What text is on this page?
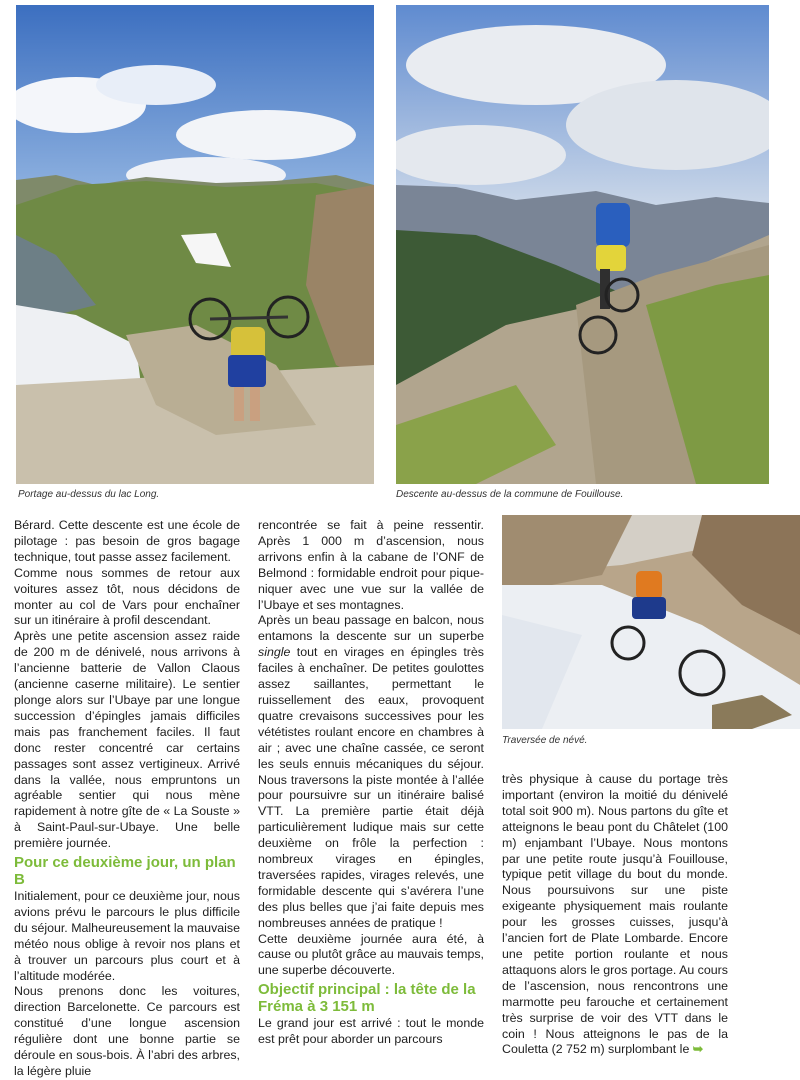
Portage au-dessus du lac Long.	Descente au-dessus de la commune de Fouillouse.
Traversée de névé.

Bérard. Cette descente est une école de pilotage : pas besoin de gros bagage technique, tout passe assez facilement.

Comme nous sommes de retour aux voitures assez tôt, nous décidons de monter au col de Vars pour enchaîner sur un itinéraire à profil descendant.

Après une petite ascension assez raide de 200 m de dénivelé, nous arrivons à l’ancienne batterie de Vallon Claous (ancienne caserne militaire). Le sentier plonge alors sur l’Ubaye par une longue succession d’épingles jamais difficiles mais pas franchement faciles. Il faut donc rester concentré car certains passages sont assez vertigineux. Arrivé dans la vallée, nous empruntons un agréable sentier qui nous mène rapidement à notre gîte de « La Souste » à Saint-Paul-sur-Ubaye. Une belle première journée.

Pour ce deuxième jour, un plan B

Initialement, pour ce deuxième jour, nous avions prévu le parcours le plus difficile du séjour. Malheureusement la mauvaise météo nous oblige à revoir nos plans et à trouver un parcours plus court et à l’altitude modérée.

Nous prenons donc les voitures, direction Barcelonette. Ce parcours est constitué d’une longue ascension régulière dont une bonne partie se déroule en sous-bois. À l’abri des arbres, la légère pluie

rencontrée se fait à peine ressentir. Après 1 000 m d’ascension, nous arrivons enfin à la cabane de l’ONF de Belmond : formidable endroit pour pique-niquer avec une vue sur la vallée de l’Ubaye et ses montagnes.

Après un beau passage en balcon, nous entamons la descente sur un superbe single tout en virages en épingles très faciles à enchaîner. De petites goulottes assez saillantes, permettant le ruissellement des eaux, provoquent quatre crevaisons successives pour les vététistes roulant encore en chambres à air ; avec une chaîne cassée, ce seront les seuls ennuis mécaniques du séjour. Nous traversons la piste montée à l’allée pour poursuivre sur un itinéraire balisé VTT. La première partie était déjà particulièrement ludique mais sur cette deuxième on frôle la perfection : nombreux virages en épingles, traversées rapides, virages relevés, une formidable descente qui s’avérera l’une des plus belles que j’ai faite depuis mes nombreuses années de pratique !

Cette deuxième journée aura été, à cause ou plutôt grâce au mauvais temps, une superbe découverte.

Objectif principal : la tête de la Fréma à 3 151 m

Le grand jour est arrivé : tout le monde est prêt pour aborder un parcours

très physique à cause du portage très important (environ la moitié du dénivelé total soit 900 m). Nous partons du gîte et atteignons le beau pont du Châtelet (100 m) enjambant l’Ubaye. Nous montons par une petite route jusqu’à Fouillouse, typique petit village du bout du monde. Nous poursuivons sur une piste exigeante physiquement mais roulante pour les grosses cuisses, jusqu’à l’ancien fort de Plate Lombarde. Encore une petite portion roulante et nous attaquons alors le gros portage. Au cours de l’ascension, nous rencontrons une marmotte peu farouche et certainement très surprise de voir des VTT dans le coin ! Nous atteignons le pas de la Couletta (2 752 m) surplombant le ➥
